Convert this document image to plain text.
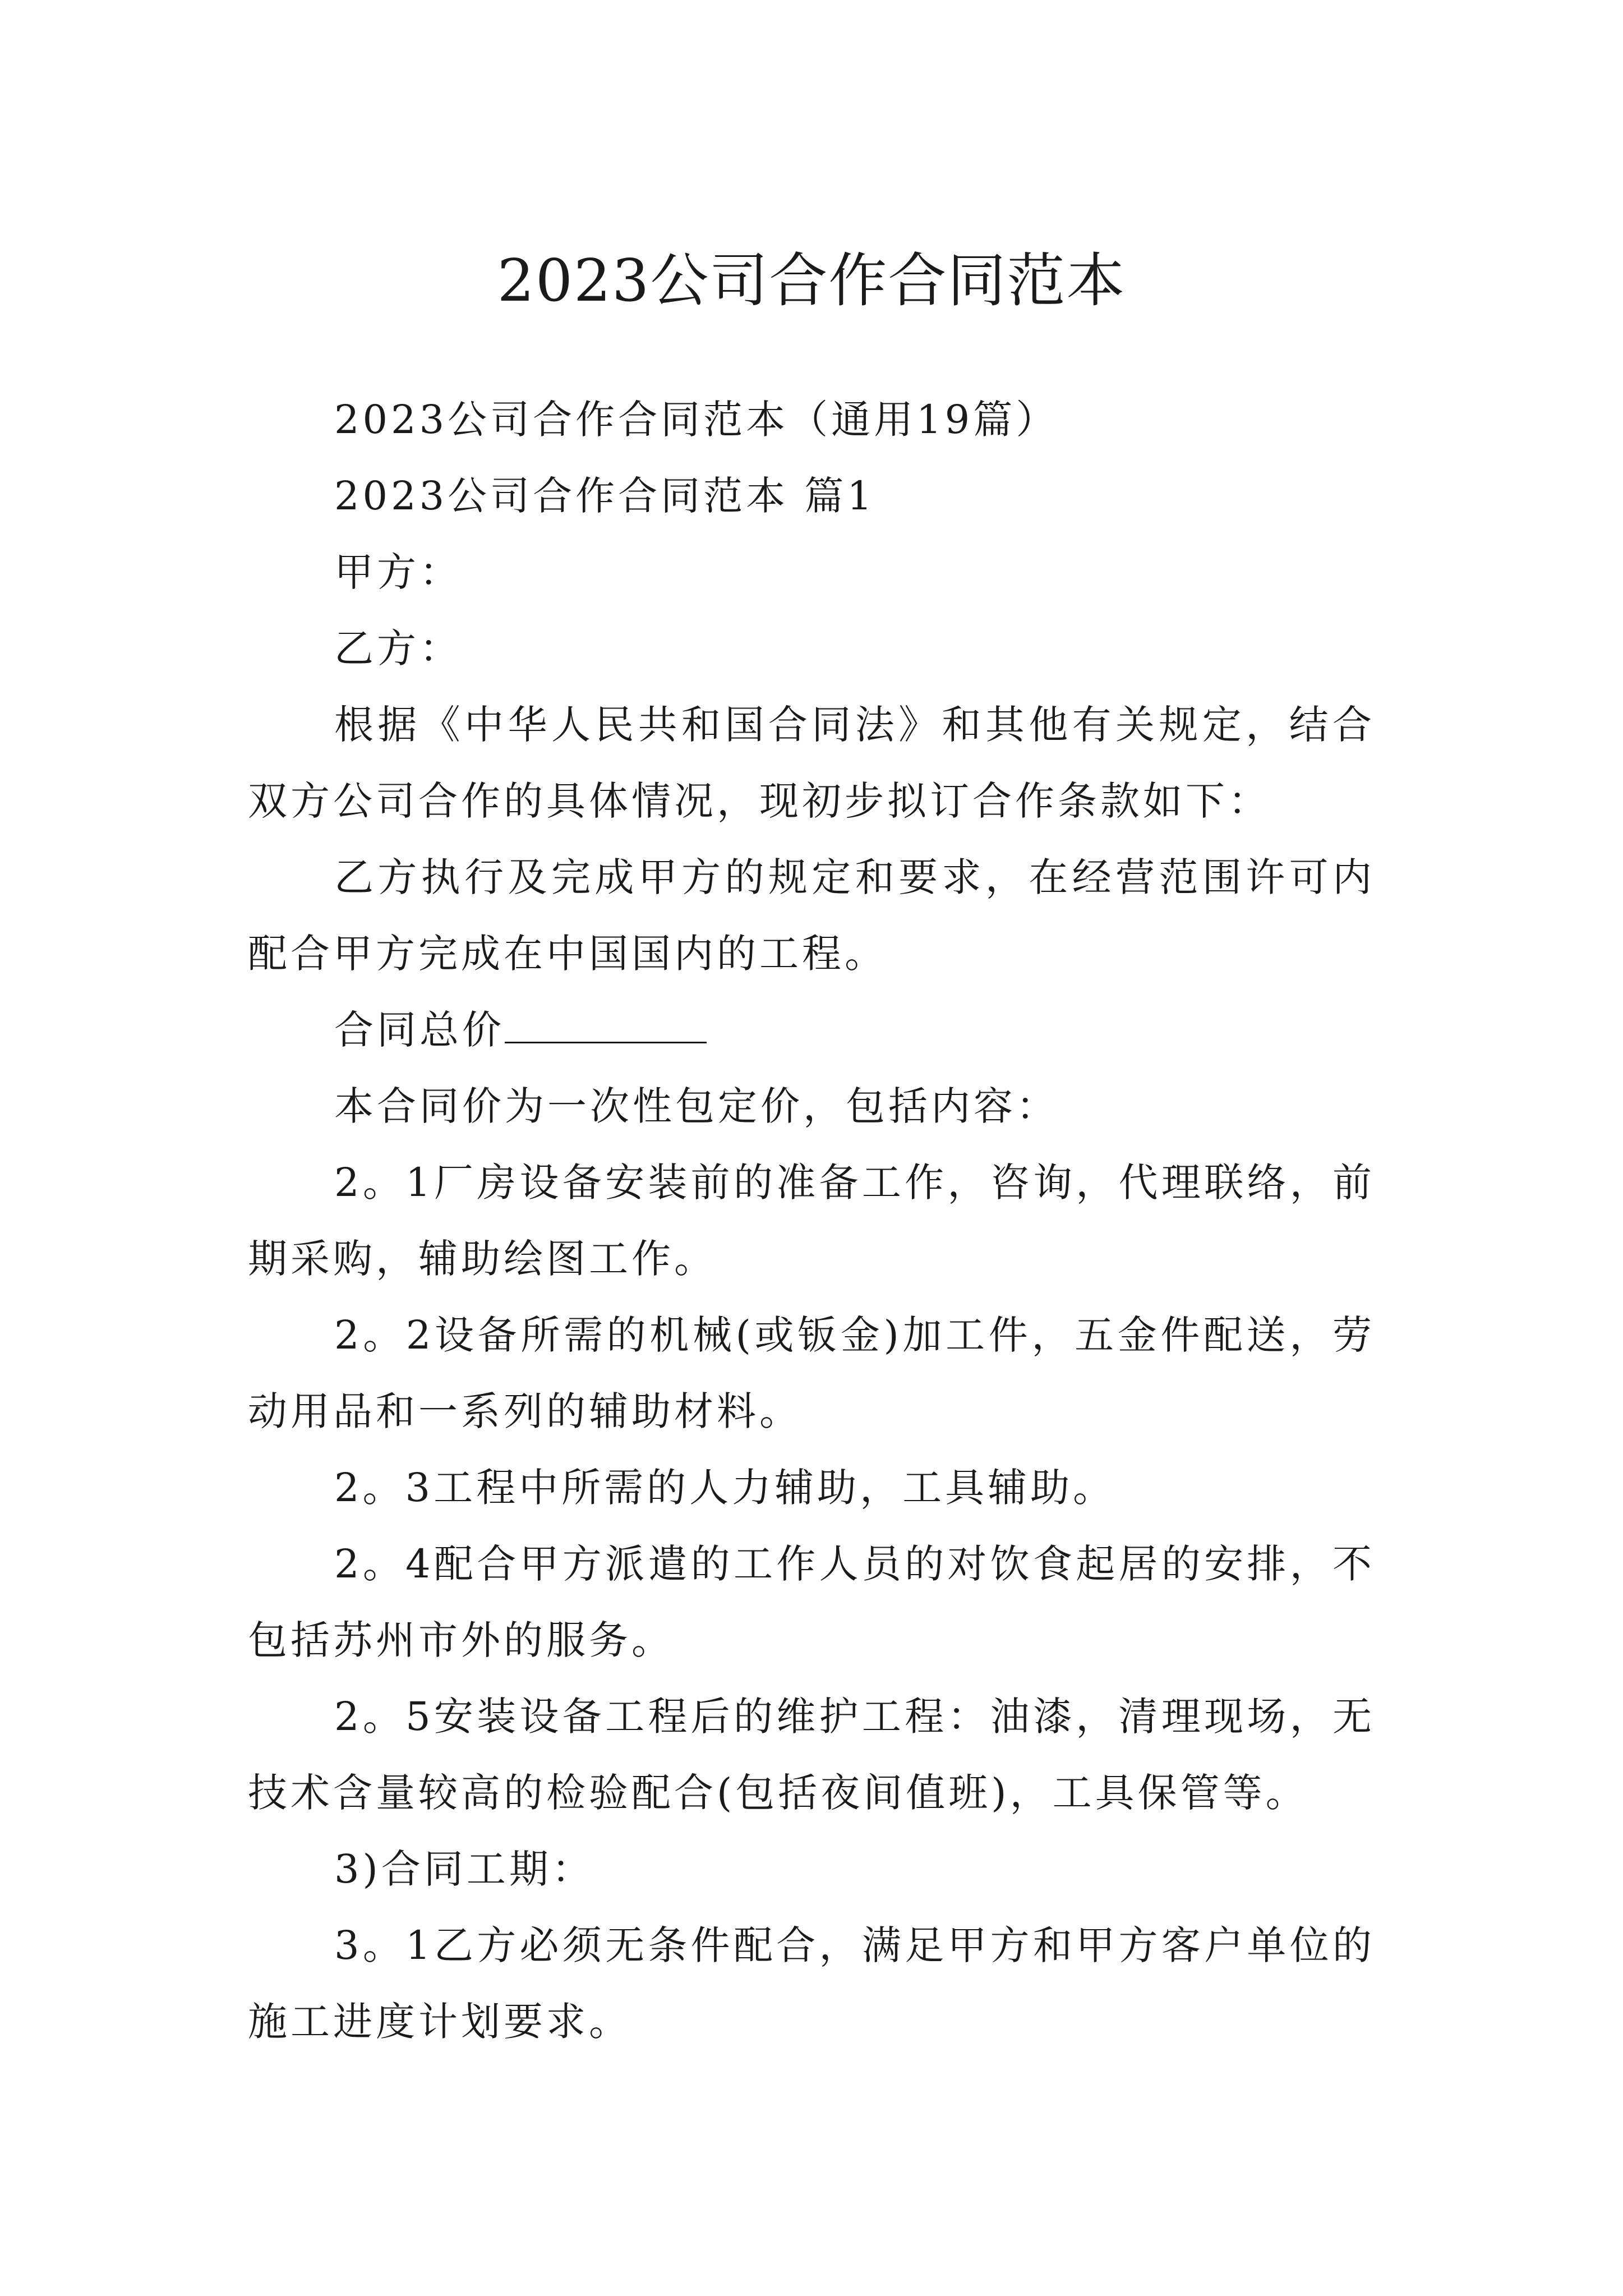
2023公司合作合同范本

2023公司合作合同范本（通用19篇）

2023公司合作合同范本 篇1

甲方：

乙方：

根据《中华人民共和国合同法》和其他有关规定，结合双方公司合作的具体情况，现初步拟订合作条款如下：

乙方执行及完成甲方的规定和要求，在经营范围许可内配合甲方完成在中国国内的工程。

合同总价

本合同价为一次性包定价，包括内容：

2。1厂房设备安装前的准备工作，咨询，代理联络，前期采购，辅助绘图工作。

2。2设备所需的机械(或钣金)加工件，五金件配送，劳动用品和一系列的辅助材料。

2。3工程中所需的人力辅助，工具辅助。

2。4配合甲方派遣的工作人员的对饮食起居的安排，不包括苏州市外的服务。

2。5安装设备工程后的维护工程：油漆，清理现场，无技术含量较高的检验配合(包括夜间值班)，工具保管等。

3)合同工期：

3。1乙方必须无条件配合，满足甲方和甲方客户单位的施工进度计划要求。
